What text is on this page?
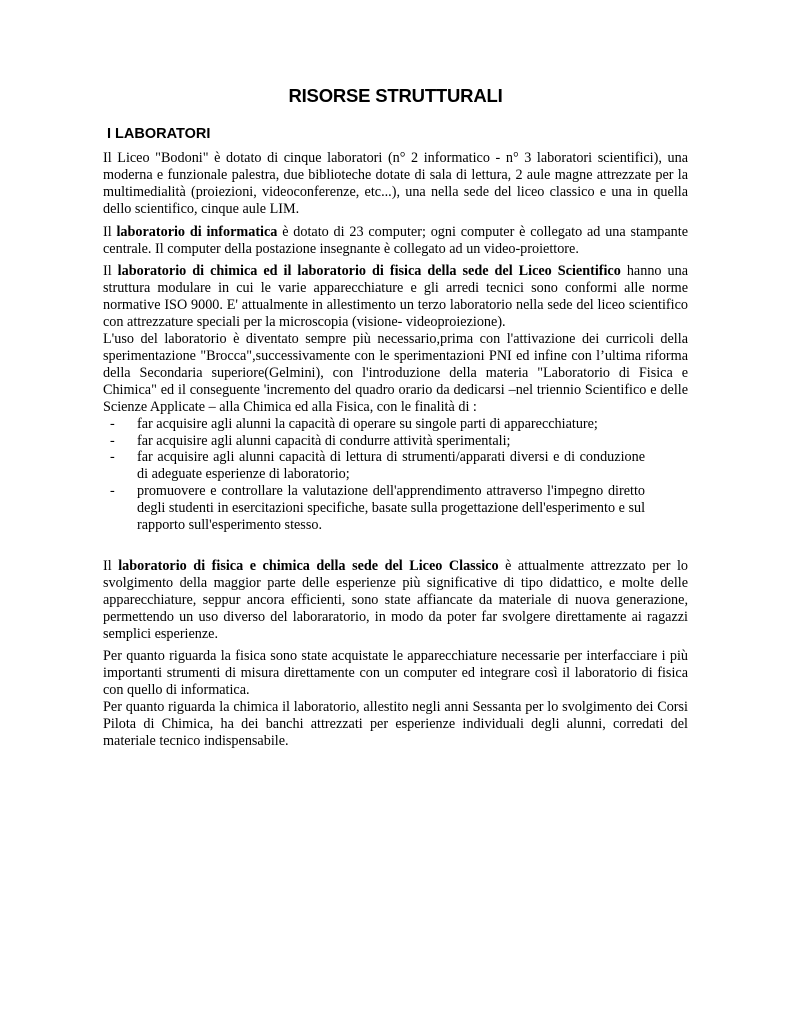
RISORSE STRUTTURALI
I LABORATORI

Il Liceo "Bodoni" è dotato di cinque laboratori (n° 2 informatico - n° 3 laboratori scientifici), una moderna e funzionale palestra, due biblioteche dotate di sala di lettura, 2 aule magne attrezzate per la multimedialità (proiezioni, videoconferenze, etc...), una nella sede del liceo classico e una in quella dello scientifico, cinque aule LIM.

Il laboratorio di informatica è dotato di 23 computer; ogni computer è collegato ad una stampante centrale. Il computer della postazione insegnante è collegato ad un video-proiettore.

Il laboratorio di chimica ed il laboratorio di fisica della sede del Liceo Scientifico hanno una struttura modulare in cui le varie apparecchiature e gli arredi tecnici sono conformi alle norme normative ISO 9000. E' attualmente in allestimento un terzo laboratorio nella sede del liceo scientifico con attrezzature speciali per la microscopia (visione- videoproiezione).

L'uso del laboratorio è diventato sempre più necessario,prima con l'attivazione dei curricoli della sperimentazione "Brocca",successivamente con le sperimentazioni PNI ed infine con l’ultima riforma della Secondaria superiore(Gelmini), con l'introduzione della materia "Laboratorio di Fisica e Chimica" ed il conseguente 'incremento del quadro orario da dedicarsi –nel triennio Scientifico e delle Scienze Applicate – alla Chimica ed alla Fisica, con le finalità di :

- far acquisire agli alunni la capacità di operare su singole parti di apparecchiature;
- far acquisire agli alunni capacità di condurre attività sperimentali;
- far acquisire agli alunni capacità di lettura di strumenti/apparati diversi e di conduzione di adeguate esperienze di laboratorio;
- promuovere e controllare la valutazione dell'apprendimento attraverso l'impegno diretto degli studenti in esercitazioni specifiche, basate sulla progettazione dell'esperimento e sul rapporto sull'esperimento stesso.

Il laboratorio di fisica e chimica della sede del Liceo Classico è attualmente attrezzato per lo svolgimento della maggior parte delle esperienze più significative di tipo didattico, e molte delle apparecchiature, seppur ancora efficienti, sono state affiancate da materiale di nuova generazione, permettendo un uso diverso del laboraratorio, in modo da poter far svolgere direttamente ai ragazzi semplici esperienze.

Per quanto riguarda la fisica sono state acquistate le apparecchiature necessarie per interfacciare i più importanti strumenti di misura direttamente con un computer ed integrare così il laboratorio di fisica con quello di informatica.

Per quanto riguarda la chimica il laboratorio, allestito negli anni Sessanta per lo svolgimento dei Corsi Pilota di Chimica, ha dei banchi attrezzati per esperienze individuali degli alunni, corredati del materiale tecnico indispensabile.
